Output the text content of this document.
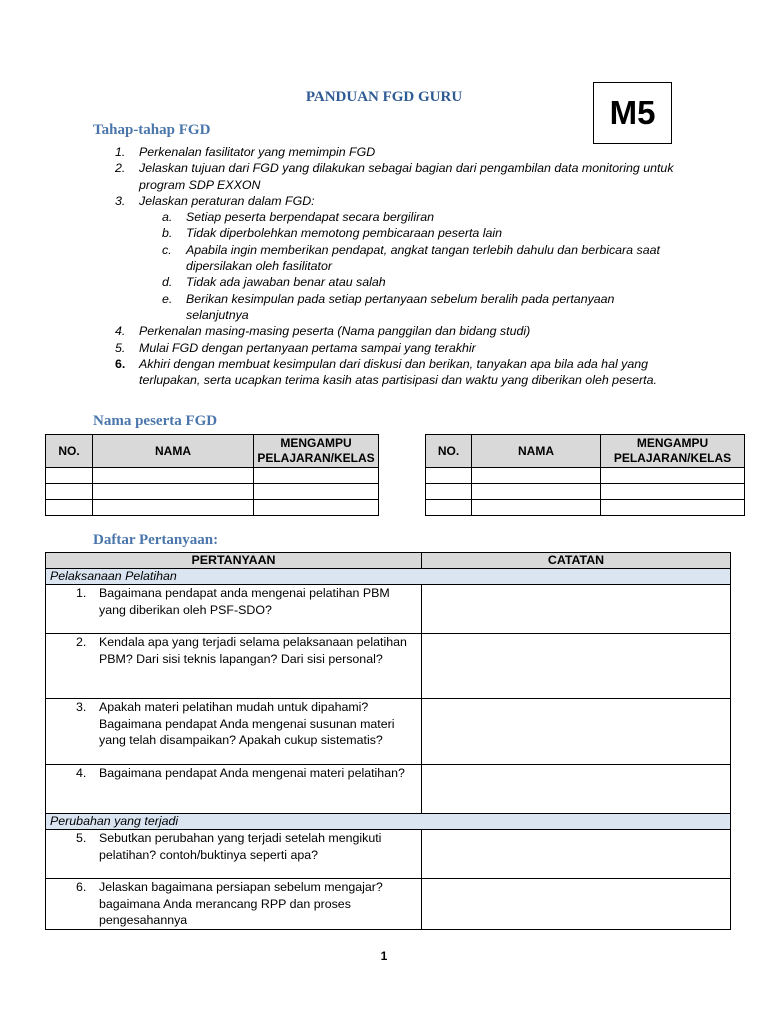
PANDUAN FGD GURU	M5
Tahap-tahap FGD
1. Perkenalan fasilitator yang memimpin FGD
2. Jelaskan tujuan dari FGD yang dilakukan sebagai bagian dari pengambilan data monitoring untuk program SDP EXXON
3. Jelaskan peraturan dalam FGD:
a. Setiap peserta berpendapat secara bergiliran
b. Tidak diperbolehkan memotong pembicaraan peserta lain
c. Apabila ingin memberikan pendapat, angkat tangan terlebih dahulu dan berbicara saat dipersilakan oleh fasilitator
d. Tidak ada jawaban benar atau salah
e. Berikan kesimpulan pada setiap pertanyaan sebelum beralih pada pertanyaan selanjutnya
4. Perkenalan masing-masing peserta (Nama panggilan dan bidang studi)
5. Mulai FGD dengan pertanyaan pertama sampai yang terakhir
6. Akhiri dengan membuat kesimpulan dari diskusi dan berikan, tanyakan apa bila ada hal yang terlupakan, serta ucapkan terima kasih atas partisipasi dan waktu yang diberikan oleh peserta.
Nama peserta FGD
NO.	NAMA	MENGAMPU PELAJARAN/KELAS

NO.	NAMA	MENGAMPU PELAJARAN/KELAS

Daftar Pertanyaan:
PERTANYAAN	CATATAN
Pelaksanaan Pelatihan	

1. Bagaimana pendapat anda mengenai pelatihan PBM yang diberikan oleh PSF-SDO?	

2. Kendala apa yang terjadi selama pelaksanaan pelatihan PBM? Dari sisi teknis lapangan? Dari sisi personal?	

3. Apakah materi pelatihan mudah untuk dipahami? Bagaimana pendapat Anda mengenai susunan materi yang telah disampaikan? Apakah cukup sistematis?	

4. Bagaimana pendapat Anda mengenai materi pelatihan?	

Perubahan yang terjadi	

5. Sebutkan perubahan yang terjadi setelah mengikuti pelatihan? contoh/buktinya seperti apa?	

6. Jelaskan bagaimana persiapan sebelum mengajar? bagaimana Anda merancang RPP dan proses pengesahannya	

1
